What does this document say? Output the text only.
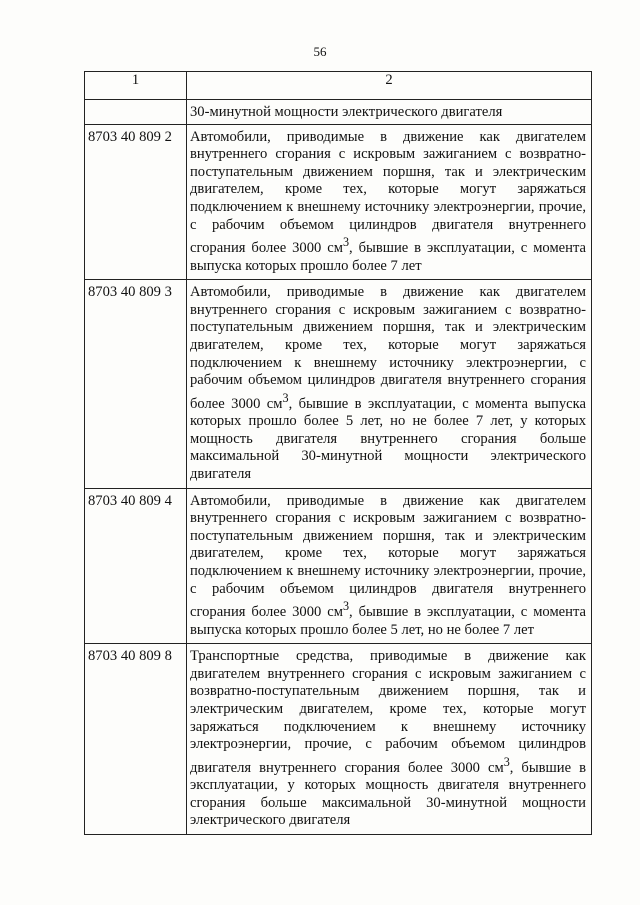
56
1	2
	30-минутной мощности электрического двигателя
8703 40 809 2	Автомобили, приводимые в движение как двигателем внутреннего сгорания с искровым зажиганием с возвратно-поступательным движением поршня, так и электрическим двигателем, кроме тех, которые могут заряжаться подключением к внешнему источнику электроэнергии, прочие, с рабочим объемом цилиндров двигателя внутреннего сгорания более 3000 $см^3$, бывшие в эксплуатации, с момента выпуска которых прошло более 7 лет
8703 40 809 3	Автомобили, приводимые в движение как двигателем внутреннего сгорания с искровым зажиганием с возвратно-поступательным движением поршня, так и электрическим двигателем, кроме тех, которые могут заряжаться подключением к внешнему источнику электроэнергии, с рабочим объемом цилиндров двигателя внутреннего сгорания более 3000 $см^3$, бывшие в эксплуатации, с момента выпуска которых прошло более 5 лет, но не более 7 лет, у которых мощность двигателя внутреннего сгорания больше максимальной 30-минутной мощности электрического двигателя
8703 40 809 4	Автомобили, приводимые в движение как двигателем внутреннего сгорания с искровым зажиганием с возвратно-поступательным движением поршня, так и электрическим двигателем, кроме тех, которые могут заряжаться подключением к внешнему источнику электроэнергии, прочие, с рабочим объемом цилиндров двигателя внутреннего сгорания более 3000 $см^3$, бывшие в эксплуатации, с момента выпуска которых прошло более 5 лет, но не более 7 лет
8703 40 809 8	Транспортные средства, приводимые в движение как двигателем внутреннего сгорания с искровым зажиганием с возвратно-поступательным движением поршня, так и электрическим двигателем, кроме тех, которые могут заряжаться подключением к внешнему источнику электроэнергии, прочие, с рабочим объемом цилиндров двигателя внутреннего сгорания более 3000 $см^3$, бывшие в эксплуатации, у которых мощность двигателя внутреннего сгорания больше максимальной 30-минутной мощности электрического двигателя
